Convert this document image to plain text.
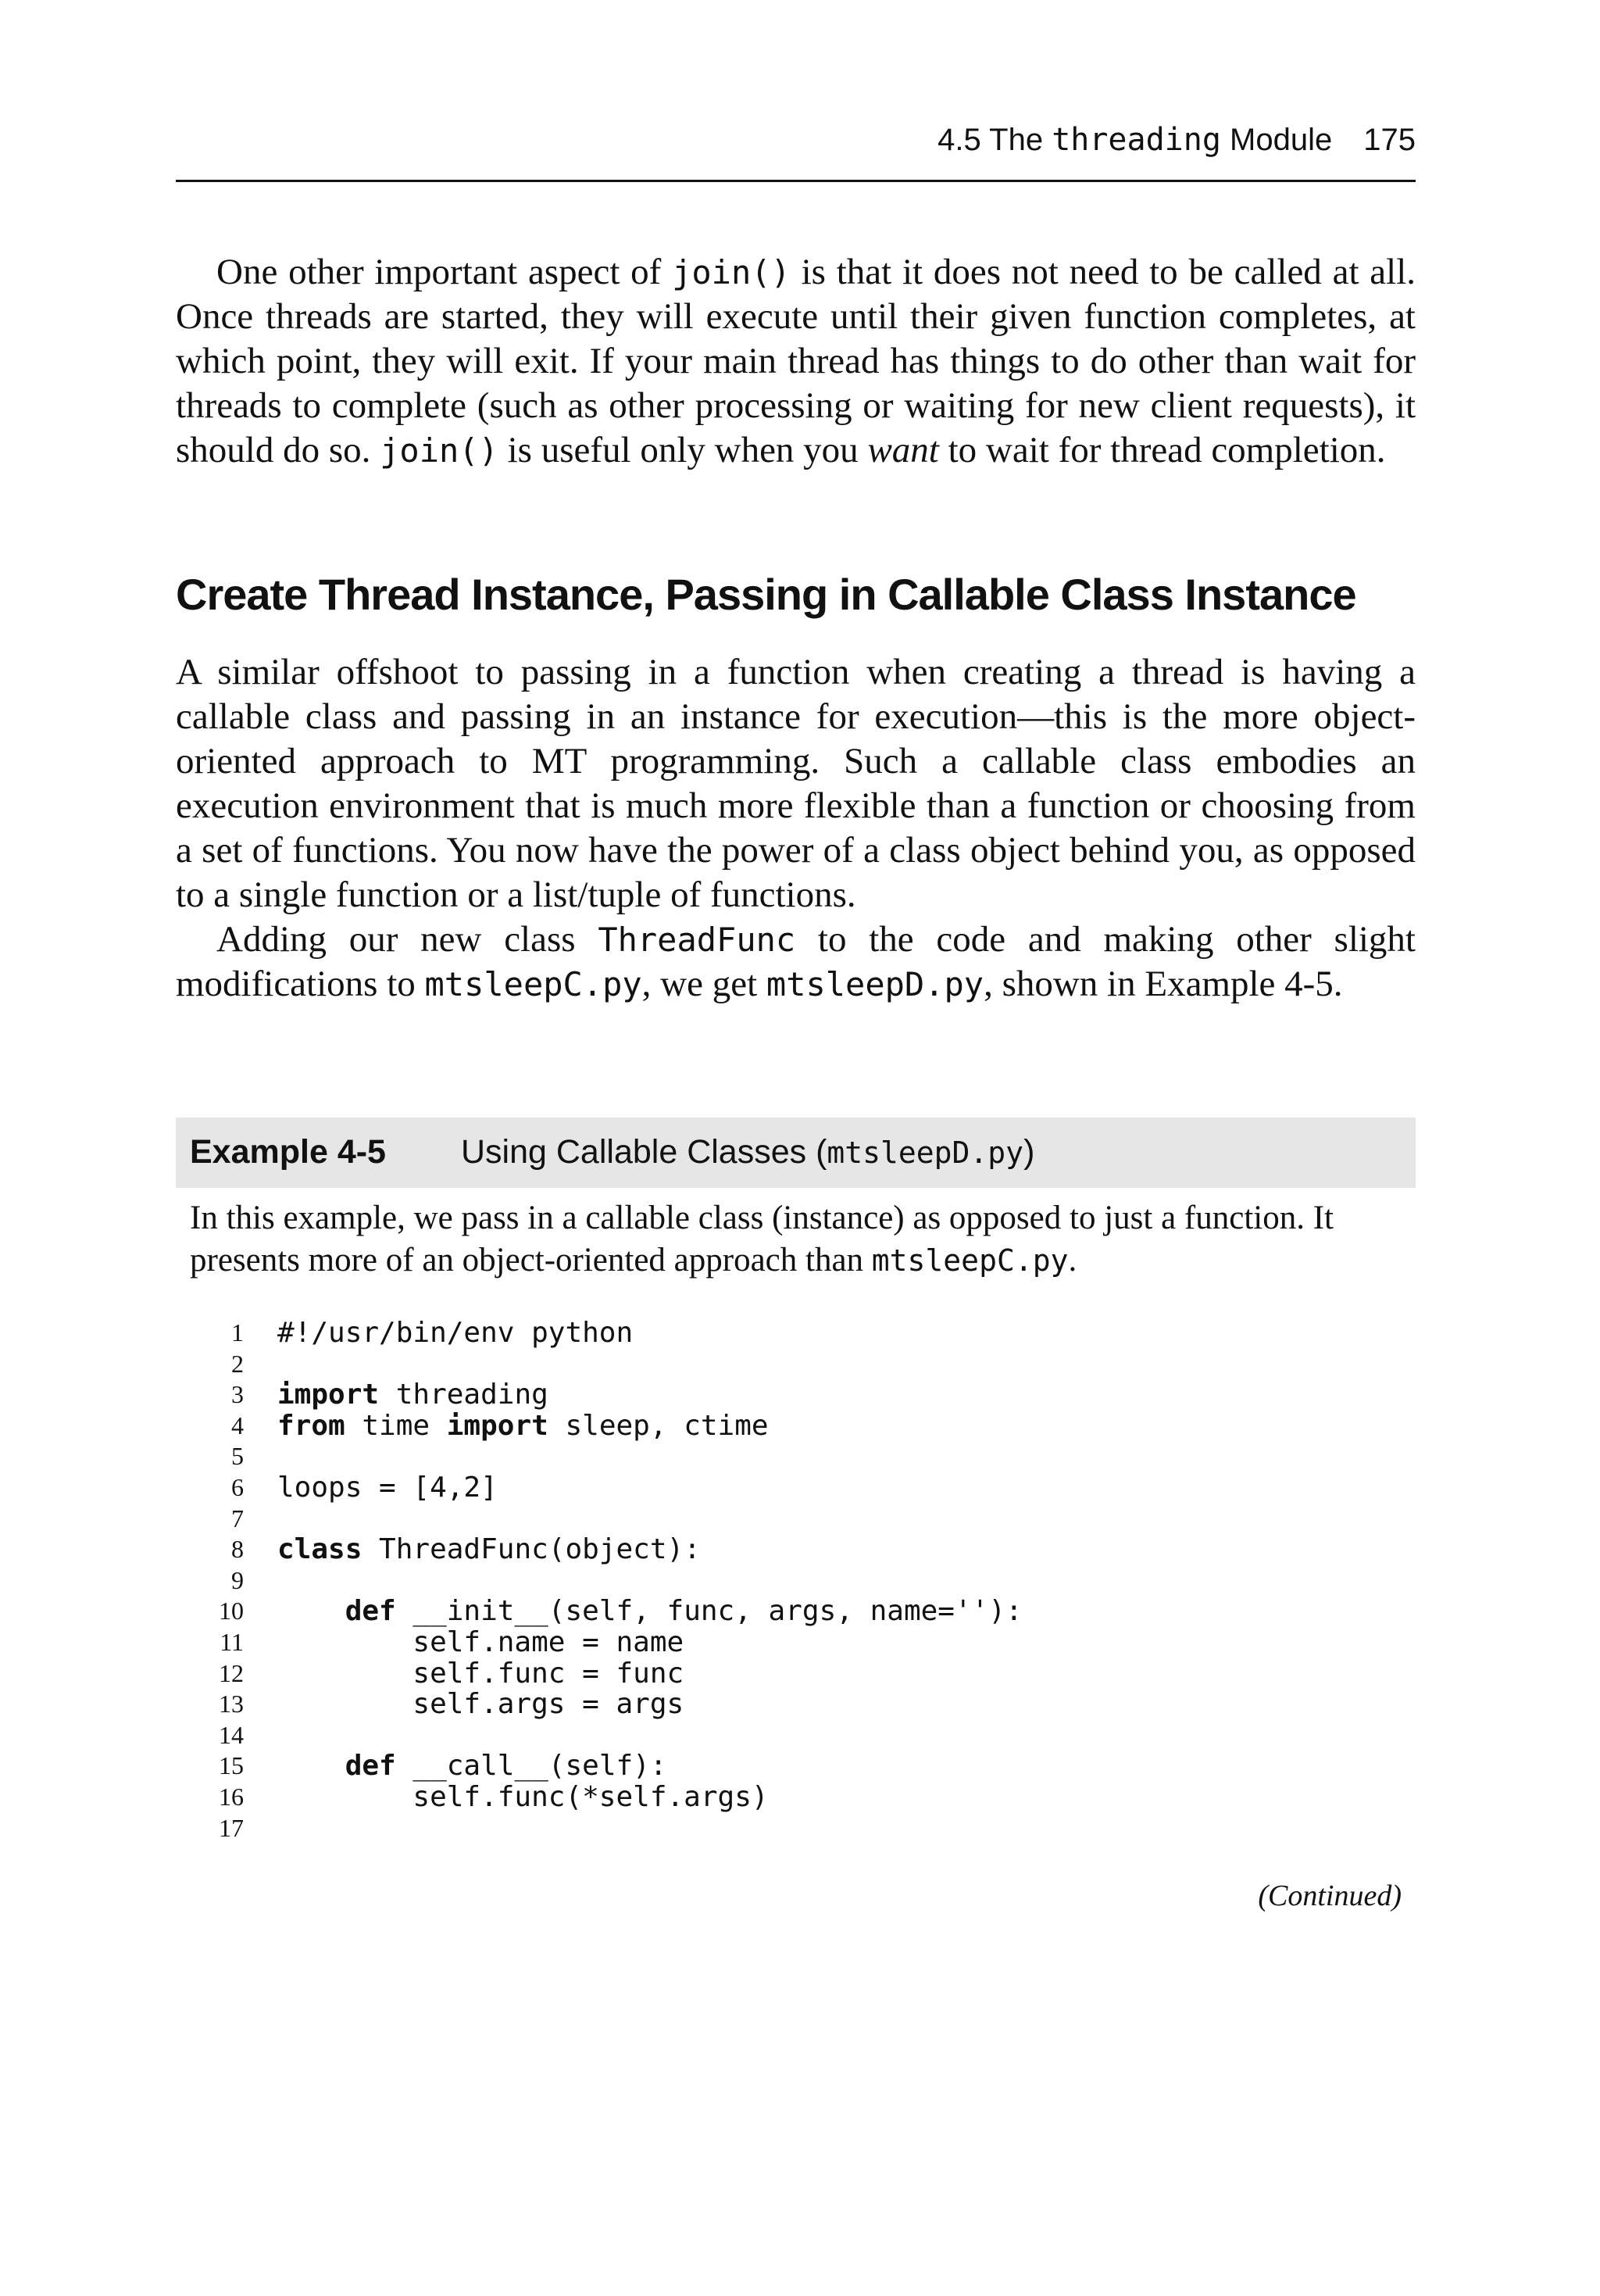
4.5 The threading Module 175

One other important aspect of join() is that it does not need to be called at all. Once threads are started, they will execute until their given function completes, at which point, they will exit. If your main thread has things to do other than wait for threads to complete (such as other processing or waiting for new client requests), it should do so. join() is useful only when you want to wait for thread completion.

Create Thread Instance, Passing in Callable Class Instance

A similar offshoot to passing in a function when creating a thread is having a callable class and passing in an instance for execution—this is the more object-oriented approach to MT programming. Such a callable class embodies an execution environment that is much more flexible than a function or choosing from a set of functions. You now have the power of a class object behind you, as opposed to a single function or a list/tuple of functions.

Adding our new class ThreadFunc to the code and making other slight modifications to mtsleepC.py, we get mtsleepD.py, shown in Example 4-5.

Example 4-5 Using Callable Classes (mtsleepD.py)
In this example, we pass in a callable class (instance) as opposed to just a function. It presents more of an object-oriented approach than mtsleepC.py.
1 #!/usr/bin/env python
2
3 import threading
4 from time import sleep, ctime
5
6 loops = [4,2]
7
8 class ThreadFunc(object):
9
10	def __init__(self, func, args, name=''):
11 self.name = name
12 self.func = func
13 self.args = args
14
15	def __call__(self):
16 self.func(*self.args)
17
(Continued)
